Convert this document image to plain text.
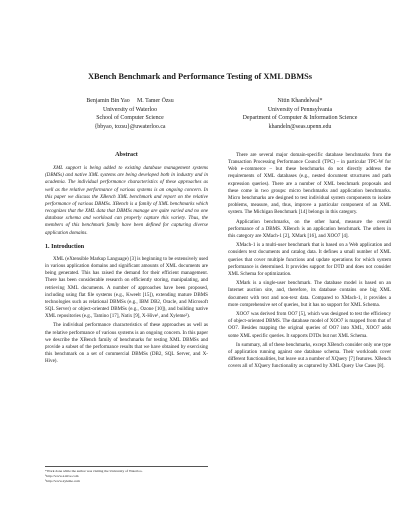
XBench Benchmark and Performance Testing of XML DBMSs
Benjamin Bin Yao     M. Tamer Özsu
University of Waterloo
School of Computer Science
{bbyao, tozsu}@uwaterloo.ca
Nitin Khandelwal*
University of Pennsylvania
Department of Computer & Information Science
khandeln@seas.upenn.edu
Abstract

XML support is being added to existing database management systems (DBMSs) and native XML systems are being developed both in industry and in academia. The individual performance characteristics of these approaches as well as the relative performance of various systems is an ongoing concern. In this paper we discuss the XBench XML benchmark and report on the relative performance of various DBMSs. XBench is a family of XML benchmarks which recognizes that the XML data that DBMSs manage are quite varied and no one database schema and workload can properly capture this variety. Thus, the members of this benchmark family have been defined for capturing diverse application domains.

1. Introduction

XML (eXtensible Markup Language) [3] is beginning to be extensively used in various application domains and significant amounts of XML documents are being generated. This has raised the demand for their efficient management. There has been considerable research on efficiently storing, manipulating, and retrieving XML documents. A number of approaches have been proposed, including using flat file systems (e.g., Kweelt [15]), extending mature DBMS technologies such as relational DBMSs (e.g., IBM DB2, Oracle, and Microsoft SQL Server) or object-oriented DBMSs (e.g., Ozone [10]), and building native XML repositories (e.g., Tamino [17], Natix [9], X-Hive¹, and Xyleme²).

The individual performance characteristics of these approaches as well as the relative performance of various systems is an ongoing concern. In this paper we describe the XBench family of benchmarks for testing XML DBMSs and provide a subset of the performance results that we have obtained by exercising this benchmark on a set of commercial DBMSs (DB2, SQL Server, and X-Hive).

*Work done while the author was visiting the University of Waterloo.
¹http://www.x-hive.com
²http://www.xyleme.com

There are several major domain-specific database benchmarks from the Transaction Processing Performance Council (TPC) – in particular TPC-W for Web e-commerce – but these benchmarks do not directly address the requirements of XML databases (e.g., nested document structures and path expression queries). There are a number of XML benchmark proposals and these come in two groups: micro benchmarks and application benchmarks. Micro benchmarks are designed to test individual system components to isolate problems, measure, and, thus, improve a particular component of an XML system. The Michigan Benchmark [14] belongs in this category.

Application benchmarks, on the other hand, measure the overall performance of a DBMS. XBench is an application benchmark. The others in this category are XMach-1 [2], XMark [16], and XOO7 [4].

XMach-1 is a multi-user benchmark that is based on a Web application and considers text documents and catalog data. It defines a small number of XML queries that cover multiple functions and update operations for which system performance is determined. It provides support for DTD and does not consider XML Schema for optimization.

XMark is a single-user benchmark. The database model is based on an Internet auction site, and, therefore, its database contains one big XML document with text and non-text data. Compared to XMach-1, it provides a more comprehensive set of queries, but it has no support for XML Schema.

XOO7 was derived from OO7 [5], which was designed to test the efficiency of object-oriented DBMS. The database model of XOO7 is mapped from that of OO7. Besides mapping the original queries of OO7 into XML, XOO7 adds some XML specific queries. It supports DTDs but not XML Schema.

In summary, all of these benchmarks, except XBench consider only one type of application running against one database schema. Their workloads cover different functionalities, but leave out a number of XQuery [7] features. XBench covers all of XQuery functionality as captured by XML Query Use Cases [8].
